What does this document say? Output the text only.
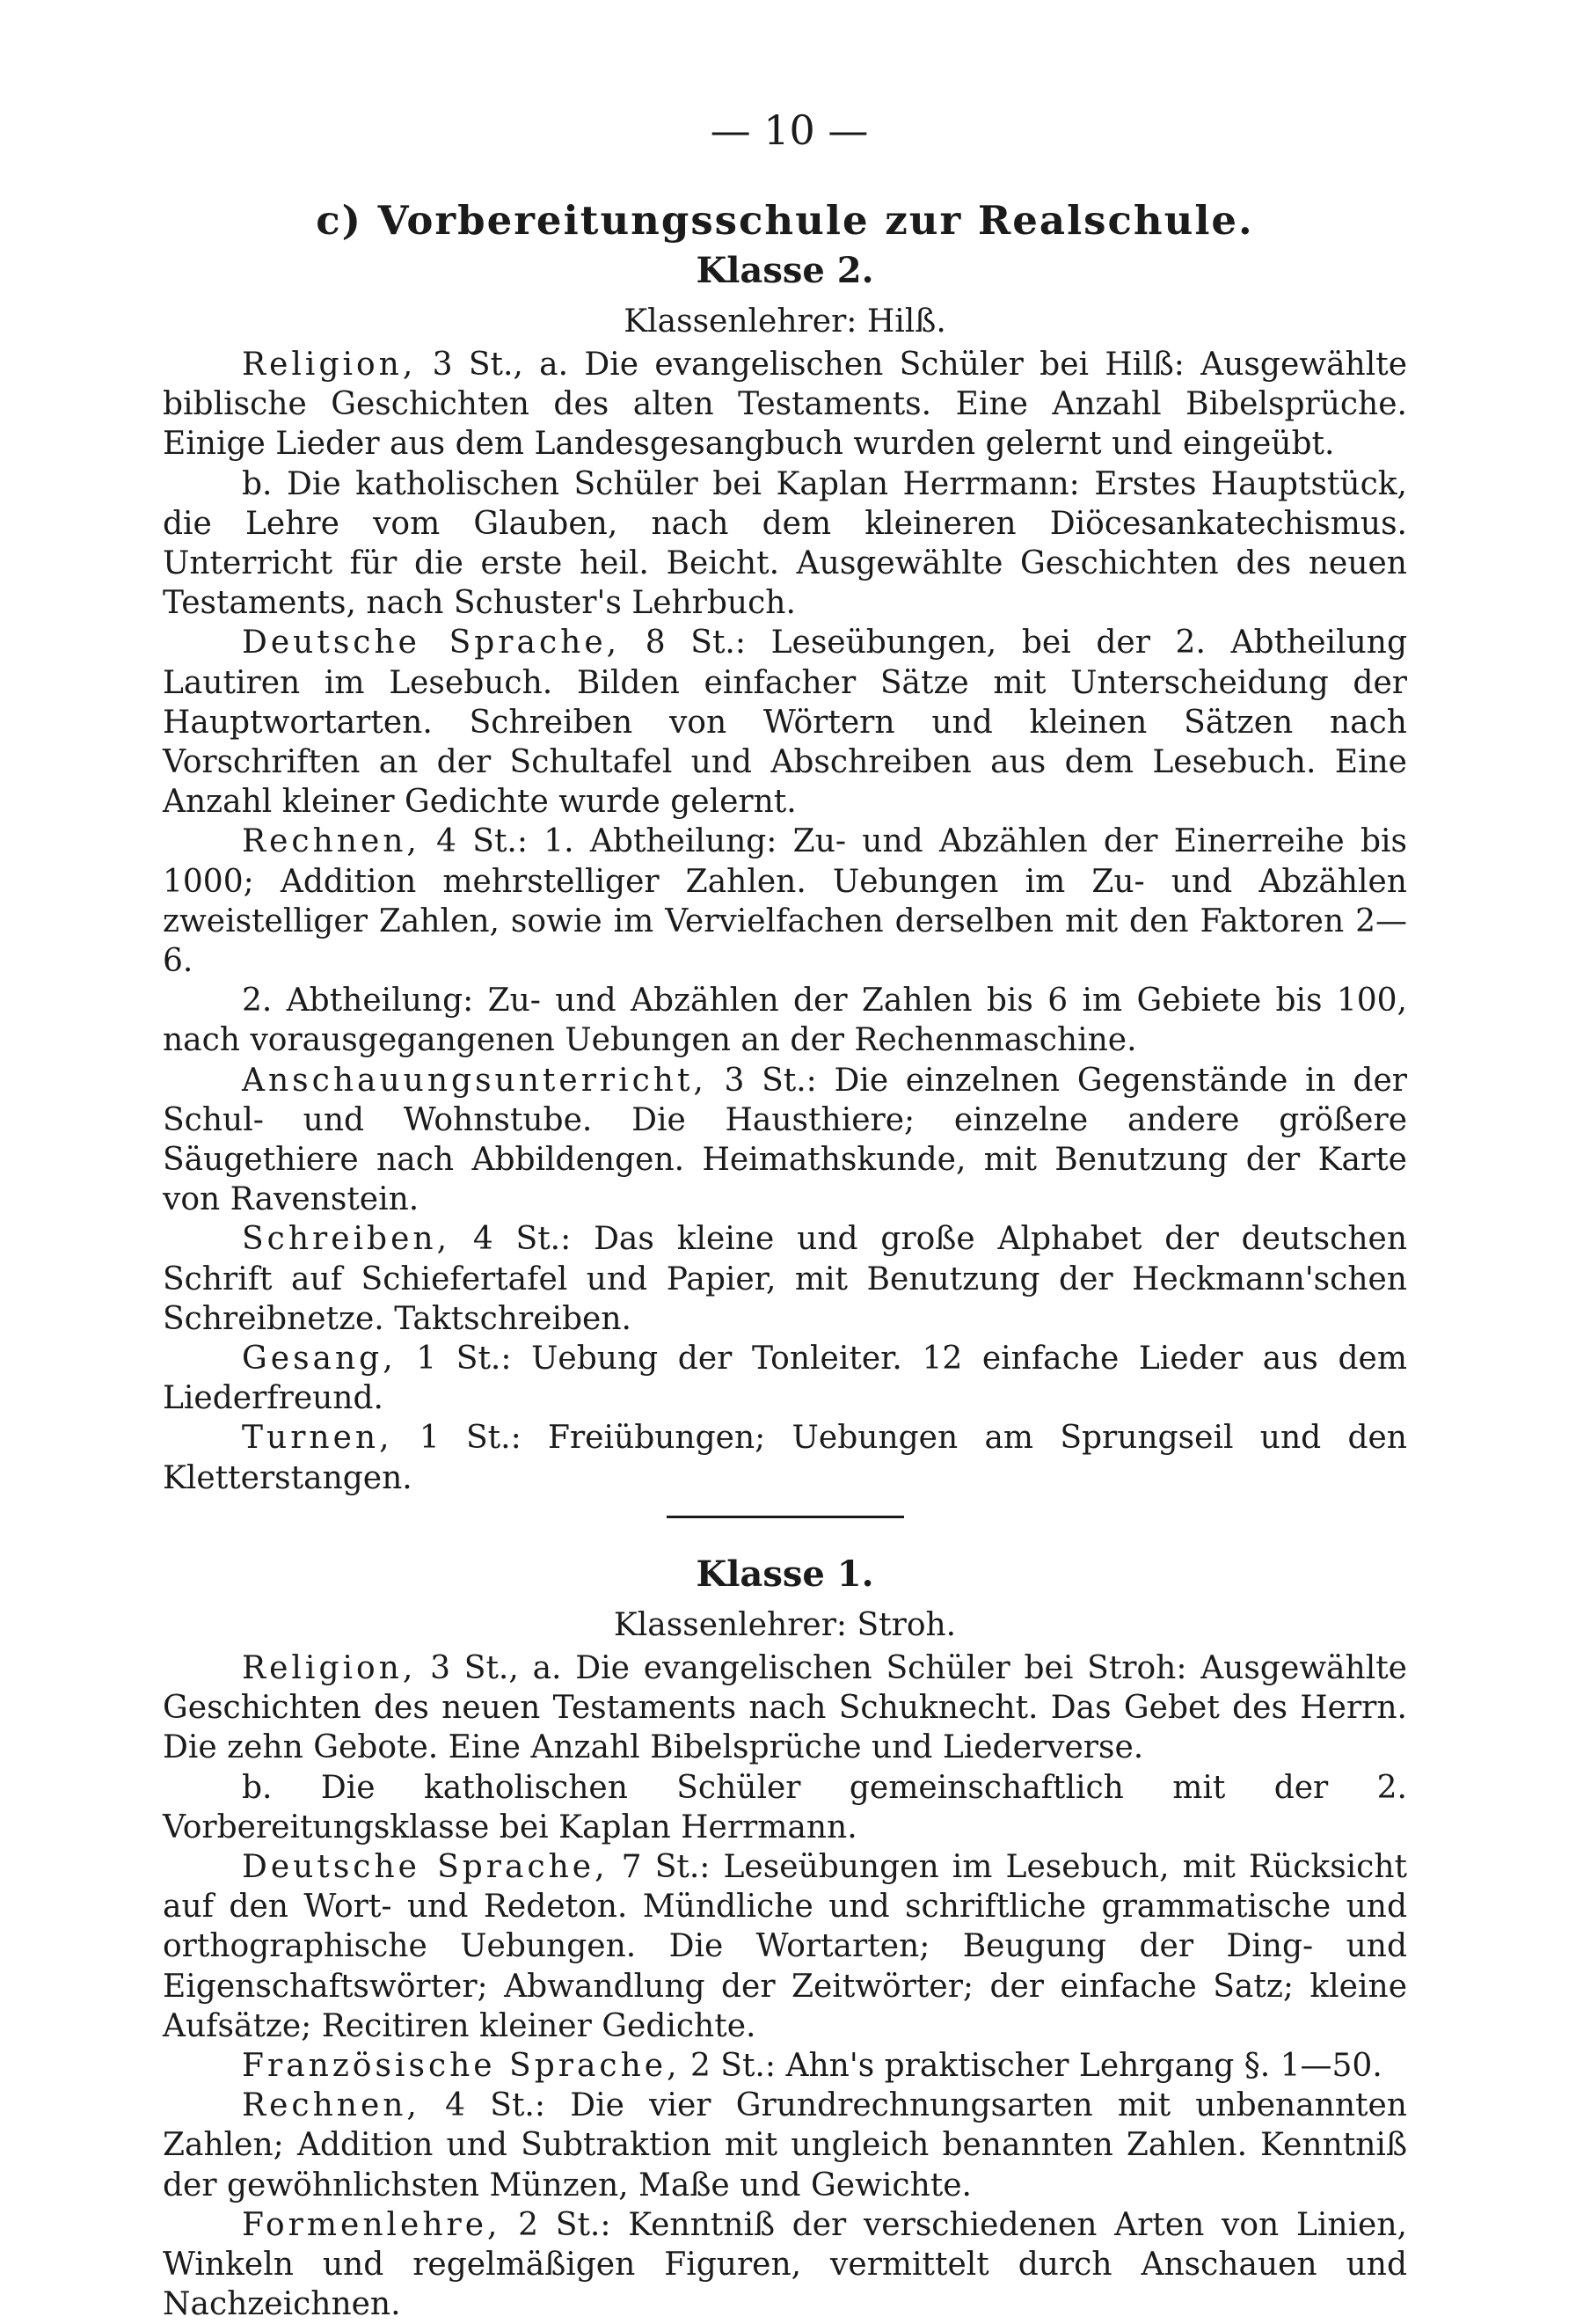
— 10 —
c) Vorbereitungsschule zur Realschule.
Klasse 2.
Klassenlehrer: Hilß.

Religion, 3 St., a. Die evangelischen Schüler bei Hilß: Ausgewählte biblische Geschichten des alten Testaments. Eine Anzahl Bibelsprüche. Einige Lieder aus dem Landesgesangbuch wurden gelernt und eingeübt.

b. Die katholischen Schüler bei Kaplan Herrmann: Erstes Hauptstück, die Lehre vom Glauben, nach dem kleineren Diöcesankatechismus. Unterricht für die erste heil. Beicht. Ausgewählte Geschichten des neuen Testaments, nach Schuster's Lehrbuch.

Deutsche Sprache, 8 St.: Leseübungen, bei der 2. Abtheilung Lautiren im Lesebuch. Bilden einfacher Sätze mit Unterscheidung der Hauptwortarten. Schreiben von Wörtern und kleinen Sätzen nach Vorschriften an der Schultafel und Abschreiben aus dem Lesebuch. Eine Anzahl kleiner Gedichte wurde gelernt.

Rechnen, 4 St.: 1. Abtheilung: Zu- und Abzählen der Einerreihe bis 1000; Addition mehrstelliger Zahlen. Uebungen im Zu- und Abzählen zweistelliger Zahlen, sowie im Vervielfachen derselben mit den Faktoren 2—6.

2. Abtheilung: Zu- und Abzählen der Zahlen bis 6 im Gebiete bis 100, nach vorausgegangenen Uebungen an der Rechenmaschine.

Anschauungsunterricht, 3 St.: Die einzelnen Gegenstände in der Schul- und Wohnstube. Die Hausthiere; einzelne andere größere Säugethiere nach Abbildengen. Heimathskunde, mit Benutzung der Karte von Ravenstein.

Schreiben, 4 St.: Das kleine und große Alphabet der deutschen Schrift auf Schiefertafel und Papier, mit Benutzung der Heckmann'schen Schreibnetze. Taktschreiben.

Gesang, 1 St.: Uebung der Tonleiter. 12 einfache Lieder aus dem Liederfreund.

Turnen, 1 St.: Freiübungen; Uebungen am Sprungseil und den Kletterstangen.

Klasse 1.
Klassenlehrer: Stroh.

Religion, 3 St., a. Die evangelischen Schüler bei Stroh: Ausgewählte Geschichten des neuen Testaments nach Schuknecht. Das Gebet des Herrn. Die zehn Gebote. Eine Anzahl Bibelsprüche und Liederverse.

b. Die katholischen Schüler gemeinschaftlich mit der 2. Vorbereitungsklasse bei Kaplan Herrmann.

Deutsche Sprache, 7 St.: Leseübungen im Lesebuch, mit Rücksicht auf den Wort- und Redeton. Mündliche und schriftliche grammatische und orthographische Uebungen. Die Wortarten; Beugung der Ding- und Eigenschaftswörter; Abwandlung der Zeitwörter; der einfache Satz; kleine Aufsätze; Recitiren kleiner Gedichte.

Französische Sprache, 2 St.: Ahn's praktischer Lehrgang §. 1—50.

Rechnen, 4 St.: Die vier Grundrechnungsarten mit unbenannten Zahlen; Addition und Subtraktion mit ungleich benannten Zahlen. Kenntniß der gewöhnlichsten Münzen, Maße und Gewichte.

Formenlehre, 2 St.: Kenntniß der verschiedenen Arten von Linien, Winkeln und regelmäßigen Figuren, vermittelt durch Anschauen und Nachzeichnen.
